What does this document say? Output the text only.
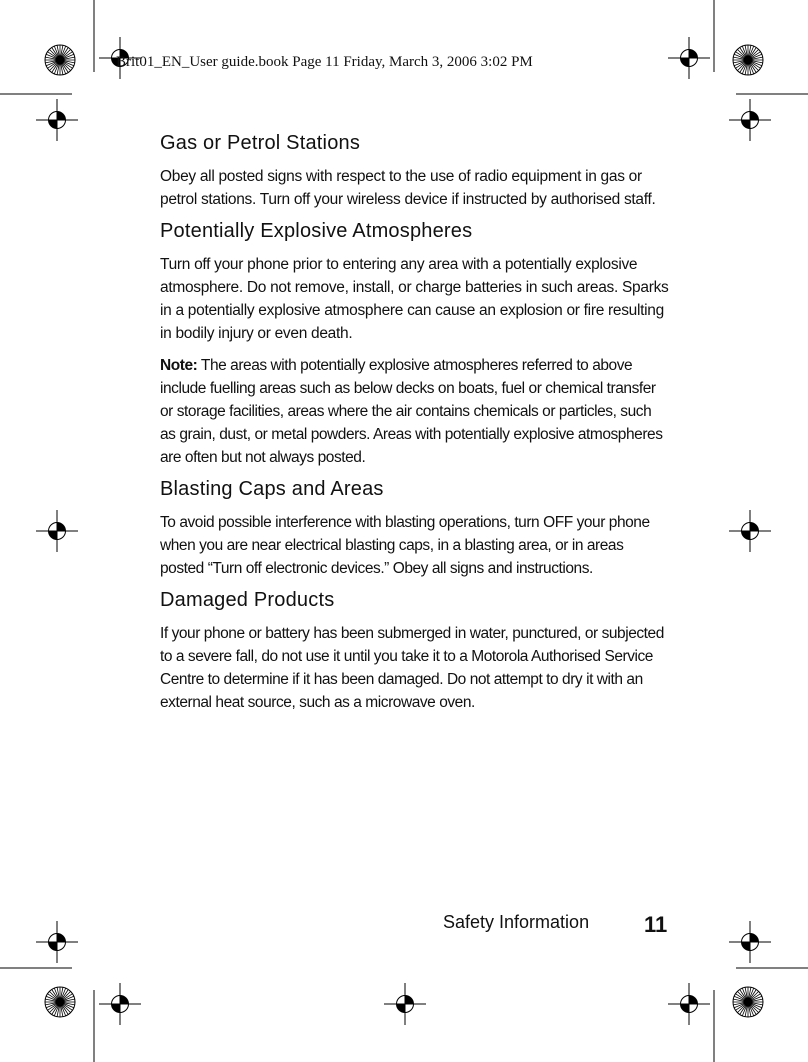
Brit01_EN_User guide.book Page 11 Friday, March 3, 2006 3:02 PM
Gas or Petrol Stations

Obey all posted signs with respect to the use of radio equipment in gas or petrol stations. Turn off your wireless device if instructed by authorised staff.

Potentially Explosive Atmospheres

Turn off your phone prior to entering any area with a potentially explosive atmosphere. Do not remove, install, or charge batteries in such areas. Sparks in a potentially explosive atmosphere can cause an explosion or fire resulting in bodily injury or even death.

Note: The areas with potentially explosive atmospheres referred to above include fuelling areas such as below decks on boats, fuel or chemical transfer or storage facilities, areas where the air contains chemicals or particles, such as grain, dust, or metal powders. Areas with potentially explosive atmospheres are often but not always posted.

Blasting Caps and Areas

To avoid possible interference with blasting operations, turn OFF your phone when you are near electrical blasting caps, in a blasting area, or in areas posted “Turn off electronic devices.” Obey all signs and instructions.

Damaged Products

If your phone or battery has been submerged in water, punctured, or subjected to a severe fall, do not use it until you take it to a Motorola Authorised Service Centre to determine if it has been damaged. Do not attempt to dry it with an external heat source, such as a microwave oven.

Safety Information 11
